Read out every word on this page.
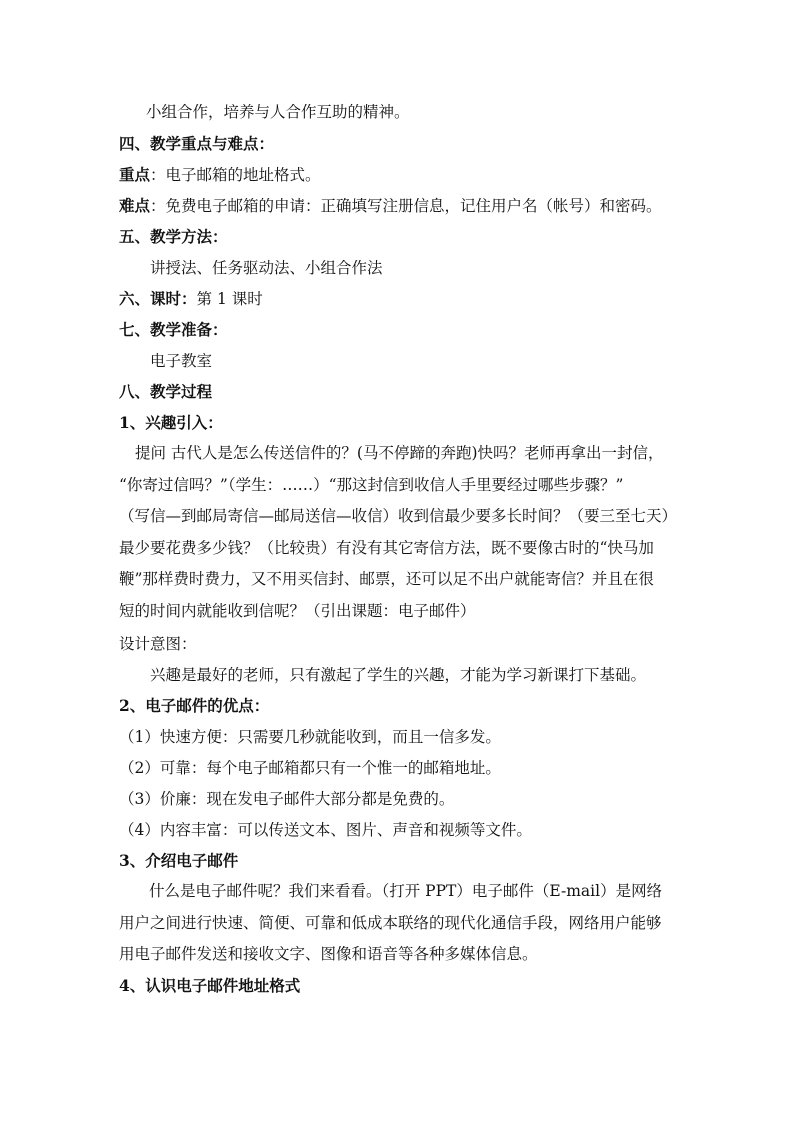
小组合作，培养与人合作互助的精神。
四、教学重点与难点：
重点：电子邮箱的地址格式。
难点：免费电子邮箱的申请：正确填写注册信息，记住用户名（帐号）和密码。
五、教学方法：
讲授法、任务驱动法、小组合作法
六、课时：第 1 课时
七、教学准备：
电子教室
八、教学过程
1、兴趣引入：

提问 古代人是怎么传送信件的？(马不停蹄的奔跑)快吗？老师再拿出一封信，

“你寄过信吗？”（学生：……）“那这封信到收信人手里要经过哪些步骤？”

（写信—到邮局寄信—邮局送信—收信）收到信最少要多长时间？（要三至七天）

最少要花费多少钱？（比较贵）有没有其它寄信方法，既不要像古时的“快马加

鞭”那样费时费力，又不用买信封、邮票，还可以足不出户就能寄信？并且在很

短的时间内就能收到信呢？（引出课题：电子邮件）

设计意图：
兴趣是最好的老师，只有激起了学生的兴趣，才能为学习新课打下基础。
2、电子邮件的优点：
（1）快速方便：只需要几秒就能收到，而且一信多发。
（2）可靠：每个电子邮箱都只有一个惟一的邮箱地址。
（3）价廉：现在发电子邮件大部分都是免费的。
（4）内容丰富：可以传送文本、图片、声音和视频等文件。
3、介绍电子邮件

什么是电子邮件呢？我们来看看。（打开 PPT）电子邮件（E-mail）是网络

用户之间进行快速、简便、可靠和低成本联络的现代化通信手段，网络用户能够

用电子邮件发送和接收文字、图像和语音等各种多媒体信息。

4、认识电子邮件地址格式
